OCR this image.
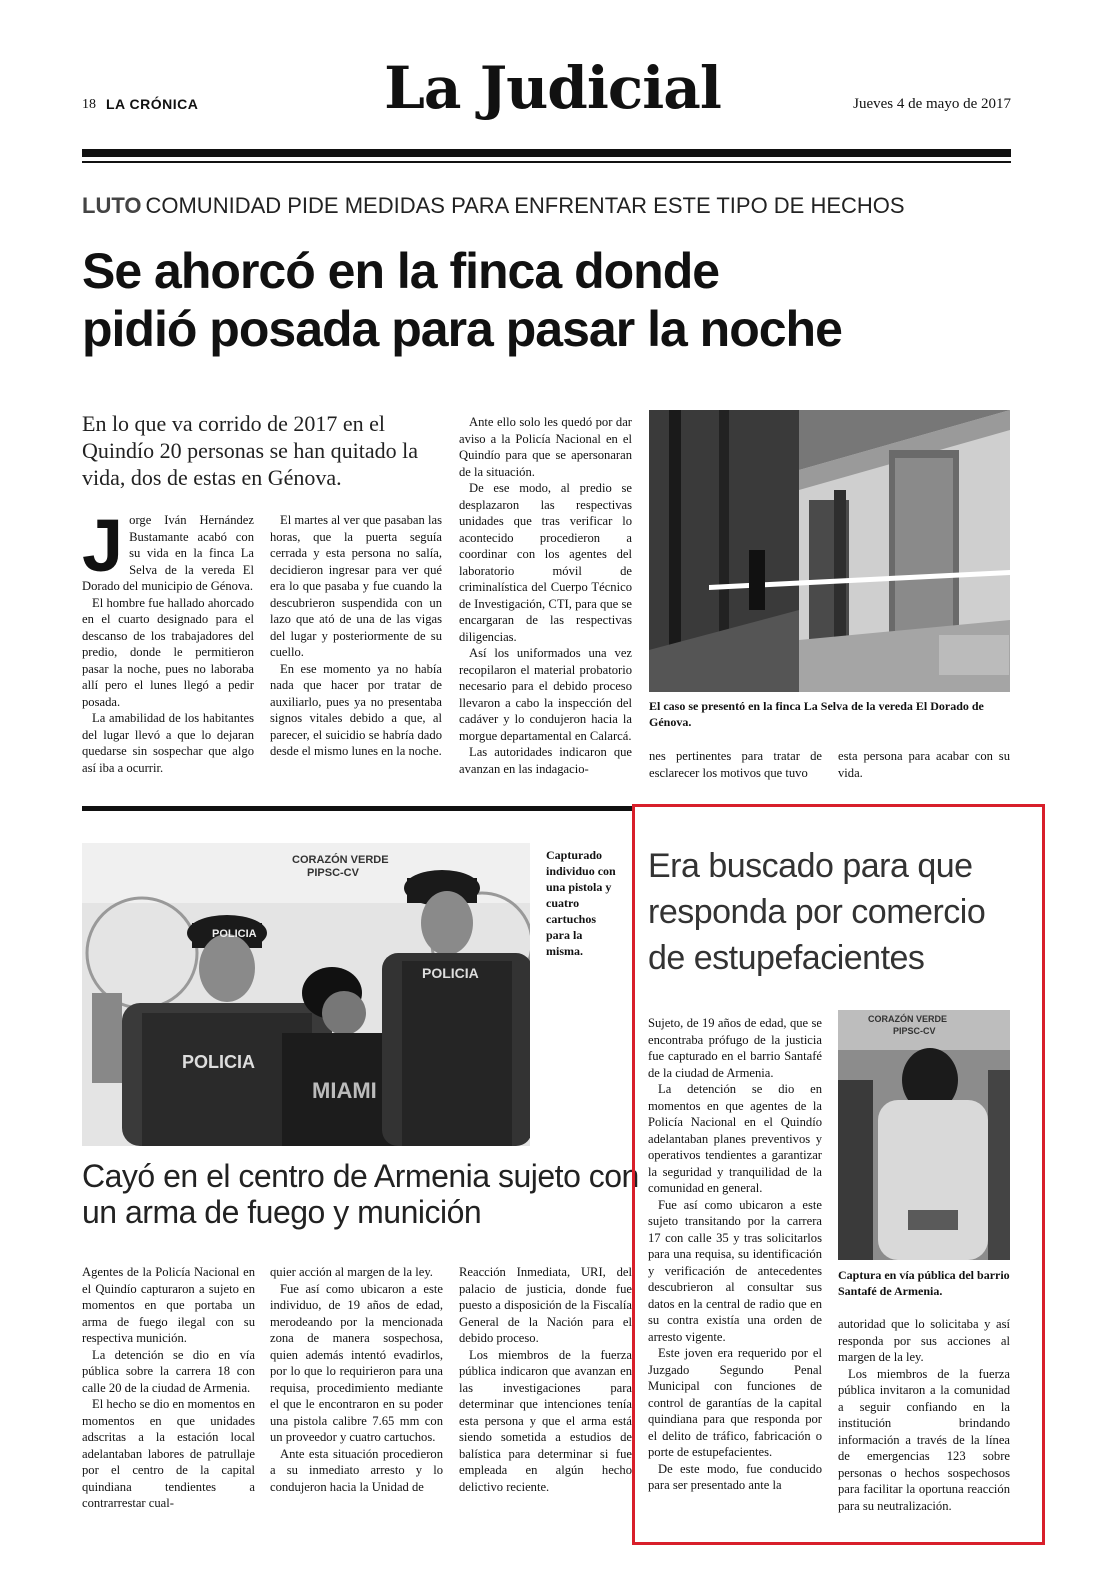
18 LA CRÓNICA	La Judicial	Jueves 4 de mayo de 2017
LUTO COMUNIDAD PIDE MEDIDAS PARA ENFRENTAR ESTE TIPO DE HECHOS
Se ahorcó en la finca donde
pidió posada para pasar la noche
En lo que va corrido de 2017 en el Quindío 20 personas se han quitado la vida, dos de estas en Génova.

Jorge Iván Hernández Bustamante acabó con su vida en la finca La Selva de la vereda El Dorado del municipio de Génova.

El hombre fue hallado ahorcado en el cuarto designado para el descanso de los trabajadores del predio, donde le permitieron pasar la noche, pues no laboraba allí pero el lunes llegó a pedir posada.

La amabilidad de los habitantes del lugar llevó a que lo dejaran quedarse sin sospechar que algo así iba a ocurrir.

El martes al ver que pasaban las horas, que la puerta seguía cerrada y esta persona no salía, decidieron ingresar para ver qué era lo que pasaba y fue cuando la descubrieron suspendida con un lazo que ató de una de las vigas del lugar y posteriormente de su cuello.

En ese momento ya no había nada que hacer por tratar de auxiliarlo, pues ya no presentaba signos vitales debido a que, al parecer, el suicidio se habría dado desde el mismo lunes en la noche.

Ante ello solo les quedó por dar aviso a la Policía Nacional en el Quindío para que se apersonaran de la situación.

De ese modo, al predio se desplazaron las respectivas unidades que tras verificar lo acontecido procedieron a coordinar con los agentes del laboratorio móvil de criminalística del Cuerpo Técnico de Investigación, CTI, para que se encargaran de las respectivas diligencias.

Así los uniformados una vez recopilaron el material probatorio necesario para el debido proceso llevaron a cabo la inspección del cadáver y lo condujeron hacia la morgue departamental en Calarcá.

Las autoridades indicaron que avanzan en las indagacio-

El caso se presentó en la finca La Selva de la vereda El Dorado de Génova.

nes pertinentes para tratar de esclarecer los motivos que tuvo

esta persona para acabar con su vida.

POLICIA
MIAMI
POLICIA
POLICIA
CORAZÓN VERDE
PIPSC-CV
Capturado individuo con una pistola y cuatro cartuchos para la misma.
Cayó en el centro de Armenia sujeto con un arma de fuego y munición

Agentes de la Policía Nacional en el Quindío capturaron a sujeto en momentos en que portaba un arma de fuego ilegal con su respectiva munición.

La detención se dio en vía pública sobre la carrera 18 con calle 20 de la ciudad de Armenia.

El hecho se dio en momentos en momentos en que unidades adscritas a la estación local adelantaban labores de patrullaje por el centro de la capital quindiana tendientes a contrarrestar cual-

quier acción al margen de la ley.

Fue así como ubicaron a este individuo, de 19 años de edad, merodeando por la mencionada zona de manera sospechosa, quien además intentó evadirlos, por lo que lo requirieron para una requisa, procedimiento mediante el que le encontraron en su poder una pistola calibre 7.65 mm con un proveedor y cuatro cartuchos.

Ante esta situación procedieron a su inmediato arresto y lo condujeron hacia la Unidad de

Reacción Inmediata, URI, del palacio de justicia, donde fue puesto a disposición de la Fiscalía General de la Nación para el debido proceso.

Los miembros de la fuerza pública indicaron que avanzan en las investigaciones para determinar que intenciones tenía esta persona y que el arma está siendo sometida a estudios de balística para determinar si fue empleada en algún hecho delictivo reciente.

Era buscado para que responda por comercio de estupefacientes

Sujeto, de 19 años de edad, que se encontraba prófugo de la justicia fue capturado en el barrio Santafé de la ciudad de Armenia.

La detención se dio en momentos en que agentes de la Policía Nacional en el Quindío adelantaban planes preventivos y operativos tendientes a garantizar la seguridad y tranquilidad de la comunidad en general.

Fue así como ubicaron a este sujeto transitando por la carrera 17 con calle 35 y tras solicitarlos para una requisa, su identificación y verificación de antecedentes descubrieron al consultar sus datos en la central de radio que en su contra existía una orden de arresto vigente.

Este joven era requerido por el Juzgado Segundo Penal Municipal con funciones de control de garantías de la capital quindiana para que responda por el delito de tráfico, fabricación o porte de estupefacientes.

De este modo, fue conducido para ser presentado ante la

CORAZÓN VERDE
PIPSC-CV
Captura en vía pública del barrio Santafé de Armenia.

autoridad que lo solicitaba y así responda por sus acciones al margen de la ley.

Los miembros de la fuerza pública invitaron a la comunidad a seguir confiando en la institución brindando información a través de la línea de emergencias 123 sobre personas o hechos sospechosos para facilitar la oportuna reacción para su neutralización.
